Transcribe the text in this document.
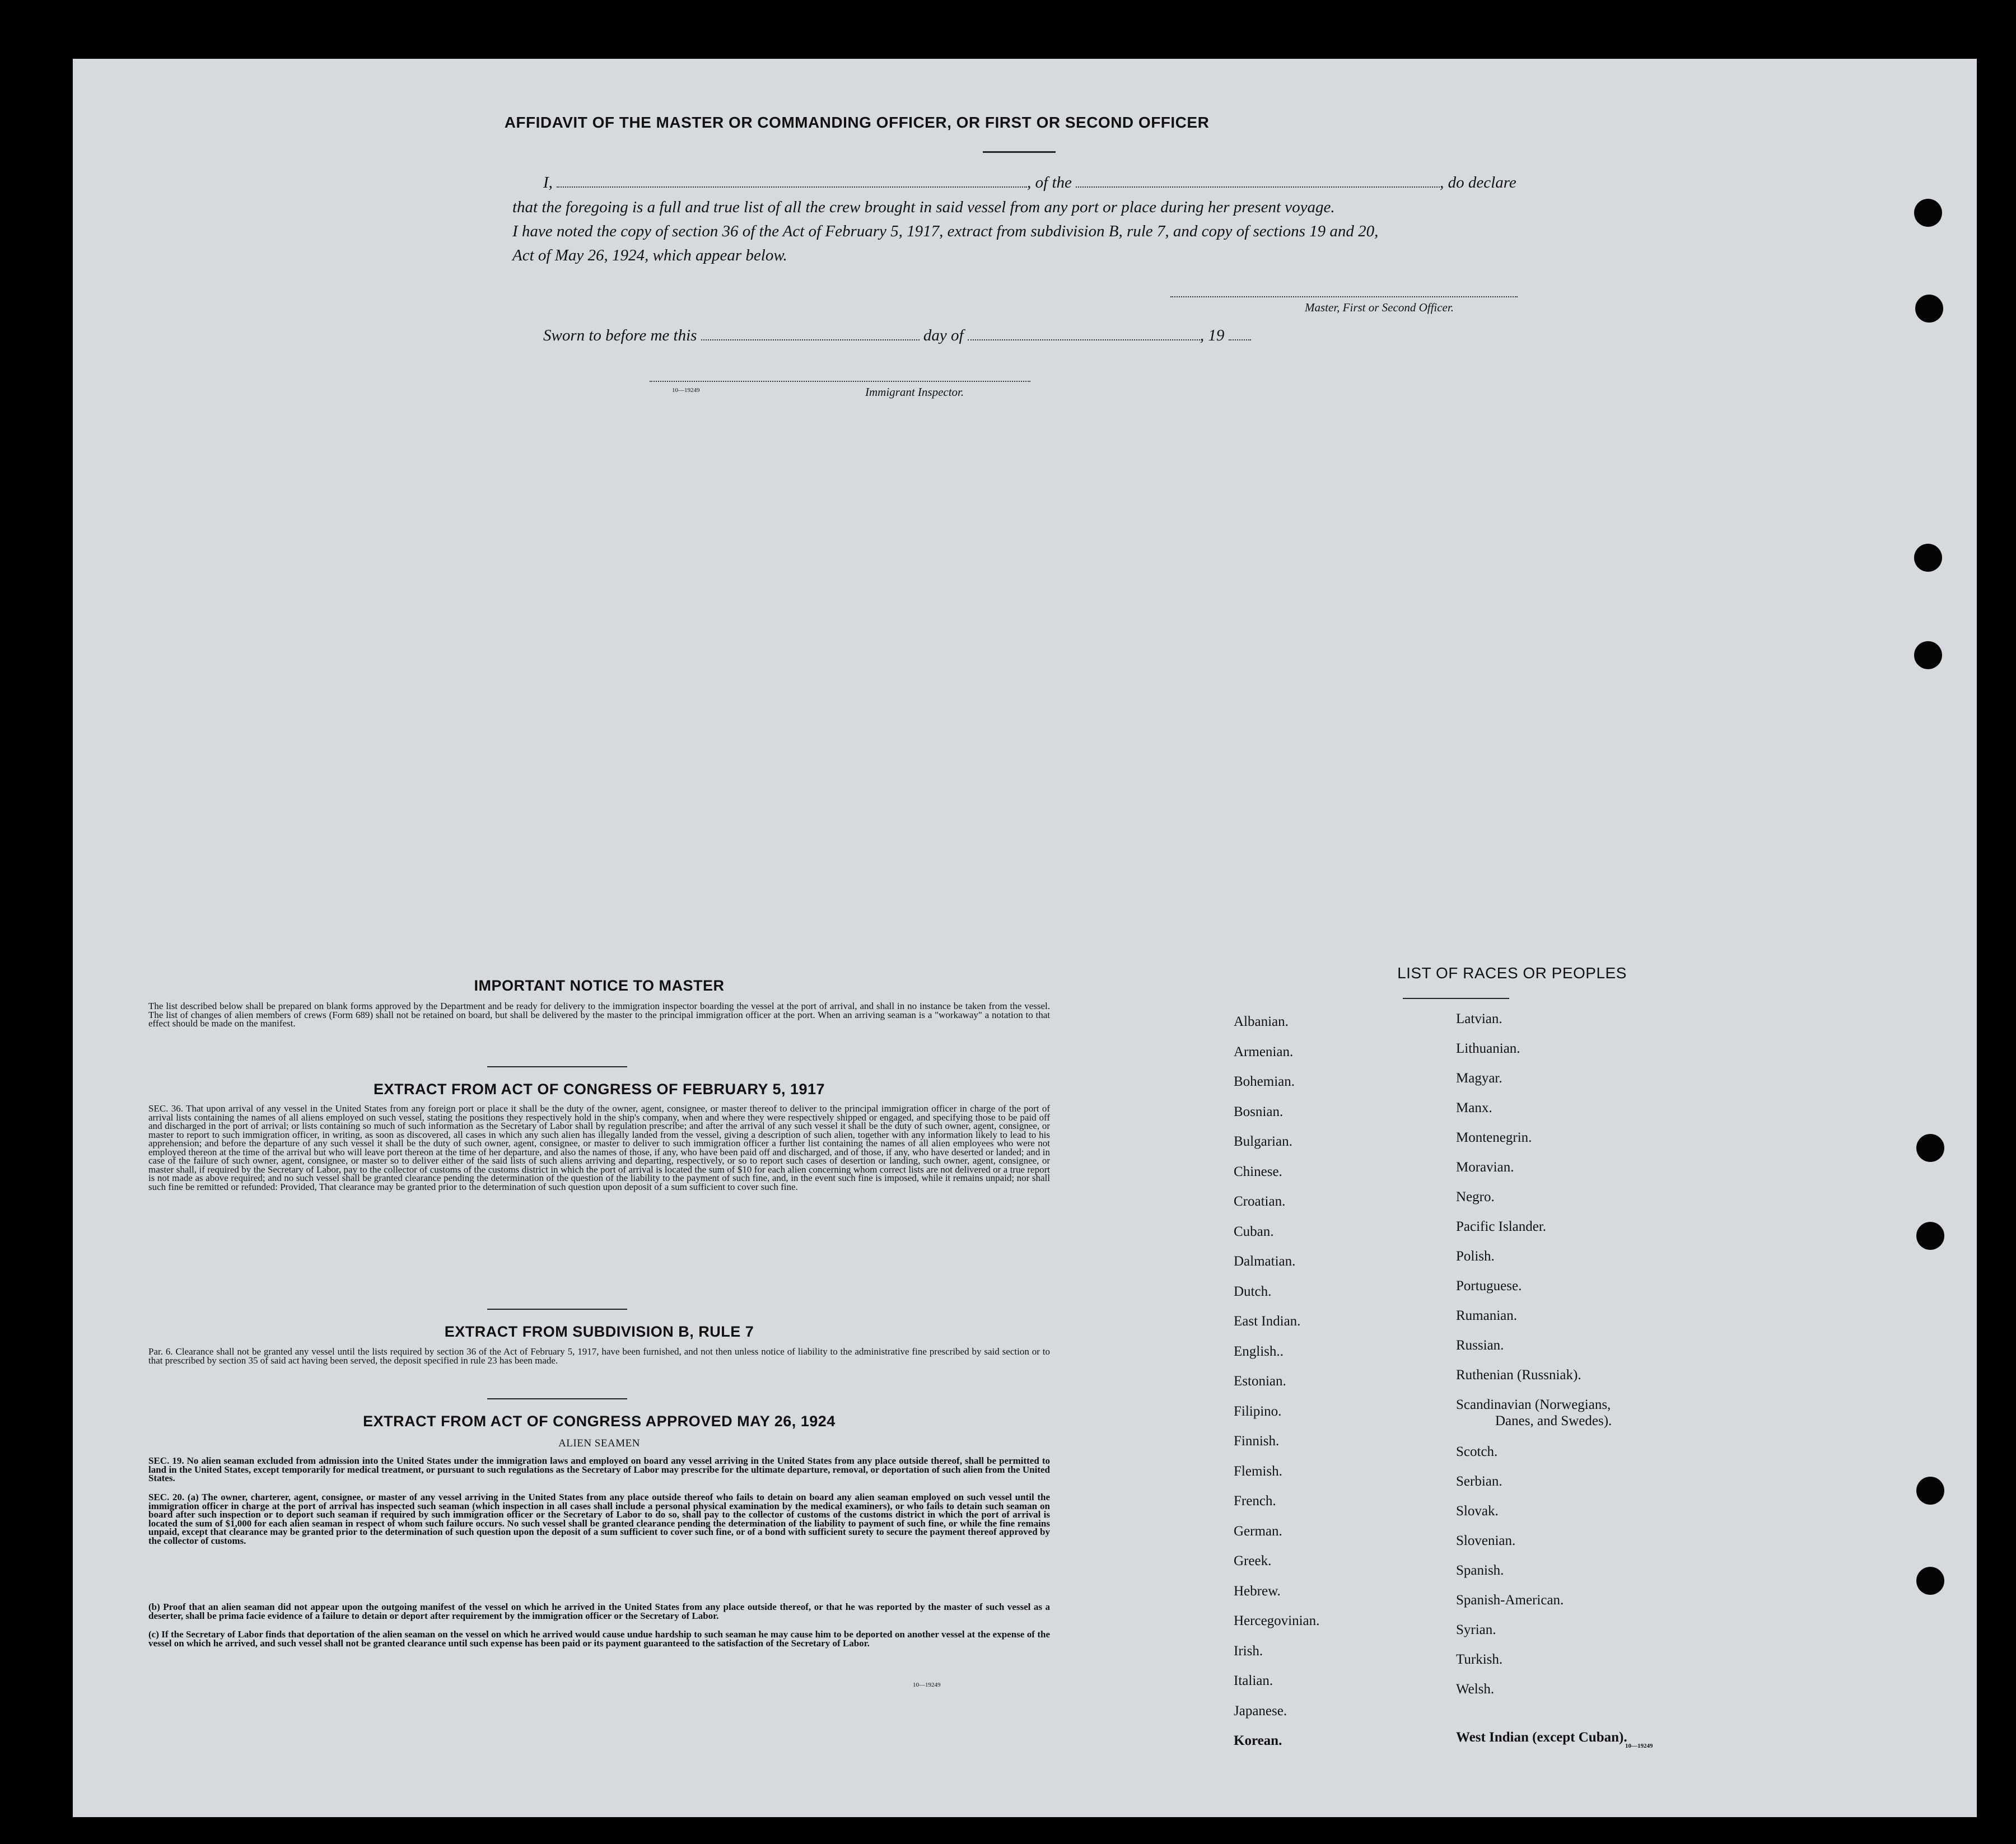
AFFIDAVIT OF THE MASTER OR COMMANDING OFFICER, OR FIRST OR SECOND OFFICER
I,	, of the	, do declare
that the foregoing is a full and true list of all the crew brought in said vessel from any port or place during her present voyage.
I have noted the copy of section 36 of the Act of February 5, 1917, extract from subdivision B, rule 7, and copy of sections 19 and 20,
Act of May 26, 1924, which appear below.
Master, First or Second Officer.
Sworn to before me this	day of	, 19
10—19249	Immigrant Inspector.
IMPORTANT NOTICE TO MASTER
The list described below shall be prepared on blank forms approved by the Department and be ready for delivery to the immigration inspector boarding the vessel at the port of arrival, and shall in no instance be taken from the vessel. The list of changes of alien members of crews (Form 689) shall not be retained on board, but shall be delivered by the master to the principal immigration officer at the port. When an arriving seaman is a "workaway" a notation to that effect should be made on the manifest.
EXTRACT FROM ACT OF CONGRESS OF FEBRUARY 5, 1917
SEC. 36. That upon arrival of any vessel in the United States from any foreign port or place it shall be the duty of the owner, agent, consignee, or master thereof to deliver to the principal immigration officer in charge of the port of arrival lists containing the names of all aliens employed on such vessel, stating the positions they respectively hold in the ship's company, when and where they were respectively shipped or engaged, and specifying those to be paid off and discharged in the port of arrival; or lists containing so much of such information as the Secretary of Labor shall by regulation prescribe; and after the arrival of any such vessel it shall be the duty of such owner, agent, consignee, or master to report to such immigration officer, in writing, as soon as discovered, all cases in which any such alien has illegally landed from the vessel, giving a description of such alien, together with any information likely to lead to his apprehension; and before the departure of any such vessel it shall be the duty of such owner, agent, consignee, or master to deliver to such immigration officer a further list containing the names of all alien employees who were not employed thereon at the time of the arrival but who will leave port thereon at the time of her departure, and also the names of those, if any, who have been paid off and discharged, and of those, if any, who have deserted or landed; and in case of the failure of such owner, agent, consignee, or master so to deliver either of the said lists of such aliens arriving and departing, respectively, or so to report such cases of desertion or landing, such owner, agent, consignee, or master shall, if required by the Secretary of Labor, pay to the collector of customs of the customs district in which the port of arrival is located the sum of $10 for each alien concerning whom correct lists are not delivered or a true report is not made as above required; and no such vessel shall be granted clearance pending the determination of the question of the liability to the payment of such fine, and, in the event such fine is imposed, while it remains unpaid; nor shall such fine be remitted or refunded: Provided, That clearance may be granted prior to the determination of such question upon deposit of a sum sufficient to cover such fine.
EXTRACT FROM SUBDIVISION B, RULE 7
Par. 6. Clearance shall not be granted any vessel until the lists required by section 36 of the Act of February 5, 1917, have been furnished, and not then unless notice of liability to the administrative fine prescribed by said section or to that prescribed by section 35 of said act having been served, the deposit specified in rule 23 has been made.
EXTRACT FROM ACT OF CONGRESS APPROVED MAY 26, 1924
ALIEN SEAMEN
SEC. 19. No alien seaman excluded from admission into the United States under the immigration laws and employed on board any vessel arriving in the United States from any place outside thereof, shall be permitted to land in the United States, except temporarily for medical treatment, or pursuant to such regulations as the Secretary of Labor may prescribe for the ultimate departure, removal, or deportation of such alien from the United States.
SEC. 20. (a) The owner, charterer, agent, consignee, or master of any vessel arriving in the United States from any place outside thereof who fails to detain on board any alien seaman employed on such vessel until the immigration officer in charge at the port of arrival has inspected such seaman (which inspection in all cases shall include a personal physical examination by the medical examiners), or who fails to detain such seaman on board after such inspection or to deport such seaman if required by such immigration officer or the Secretary of Labor to do so, shall pay to the collector of customs of the customs district in which the port of arrival is located the sum of $1,000 for each alien seaman in respect of whom such failure occurs. No such vessel shall be granted clearance pending the determination of the liability to payment of such fine, or while the fine remains unpaid, except that clearance may be granted prior to the determination of such question upon the deposit of a sum sufficient to cover such fine, or of a bond with sufficient surety to secure the payment thereof approved by the collector of customs.
(b) Proof that an alien seaman did not appear upon the outgoing manifest of the vessel on which he arrived in the United States from any place outside thereof, or that he was reported by the master of such vessel as a deserter, shall be prima facie evidence of a failure to detain or deport after requirement by the immigration officer or the Secretary of Labor.
(c) If the Secretary of Labor finds that deportation of the alien seaman on the vessel on which he arrived would cause undue hardship to such seaman he may cause him to be deported on another vessel at the expense of the vessel on which he arrived, and such vessel shall not be granted clearance until such expense has been paid or its payment guaranteed to the satisfaction of the Secretary of Labor.
10—19249
LIST OF RACES OR PEOPLES
Albanian.
Armenian.
Bohemian.
Bosnian.
Bulgarian.
Chinese.
Croatian.
Cuban.
Dalmatian.
Dutch.
East Indian.
English..
Estonian.
Filipino.
Finnish.
Flemish.
French.
German.
Greek.
Hebrew.
Hercegovinian.
Irish.
Italian.
Japanese.
Korean.
Latvian.
Lithuanian.
Magyar.
Manx.
Montenegrin.
Moravian.
Negro.
Pacific Islander.
Polish.
Portuguese.
Rumanian.
Russian.
Ruthenian (Russniak).
Scandinavian (Norwegians,
Danes, and Swedes).
Scotch.
Serbian.
Slovak.
Slovenian.
Spanish.
Spanish-American.
Syrian.
Turkish.
Welsh.
West Indian (except Cuban).
10—19249
